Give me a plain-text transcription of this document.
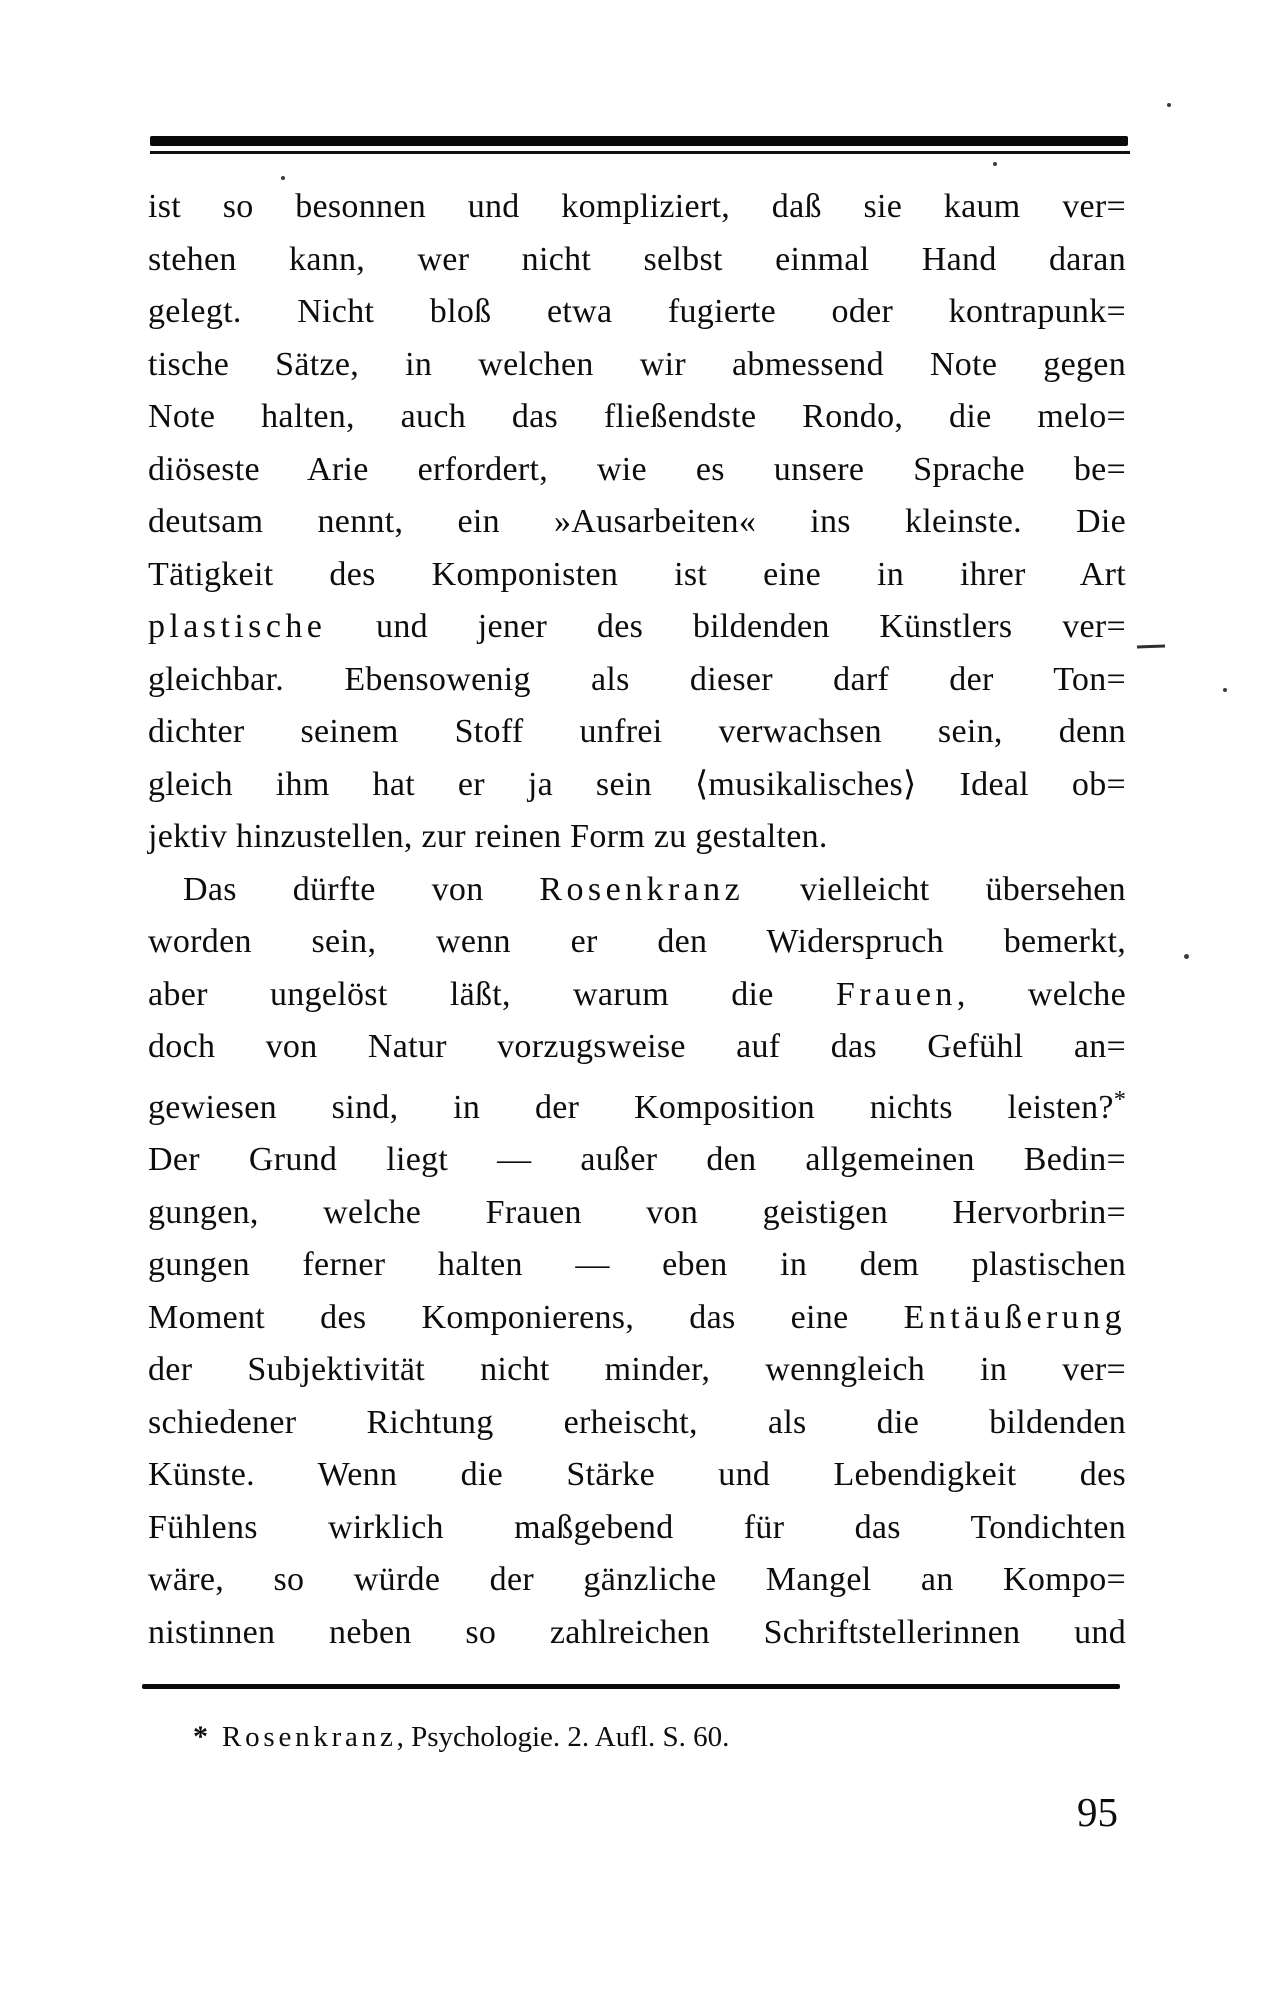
ist so besonnen und kompliziert, daß sie kaum ver=
stehen kann, wer nicht selbst einmal Hand daran
gelegt. Nicht bloß etwa fugierte oder kontrapunk=
tische Sätze, in welchen wir abmessend Note gegen
Note halten, auch das fließendste Rondo, die melo=
diöseste Arie erfordert, wie es unsere Sprache be=
deutsam nennt, ein »Ausarbeiten« ins kleinste. Die
Tätigkeit des Komponisten ist eine in ihrer Art
plastische und jener des bildenden Künstlers ver=
gleichbar. Ebensowenig als dieser darf der Ton=
dichter seinem Stoff unfrei verwachsen sein, denn
gleich ihm hat er ja sein ⟨musikalisches⟩ Ideal ob=
jektiv hinzustellen, zur reinen Form zu gestalten.
Das dürfte von Rosenkranz vielleicht übersehen
worden sein, wenn er den Widerspruch bemerkt,
aber ungelöst läßt, warum die Frauen, welche
doch von Natur vorzugsweise auf das Gefühl an=
gewiesen sind, in der Komposition nichts leisten?*
Der Grund liegt — außer den allgemeinen Bedin=
gungen, welche Frauen von geistigen Hervorbrin=
gungen ferner halten — eben in dem plastischen
Moment des Komponierens, das eine Entäußerung
der Subjektivität nicht minder, wenngleich in ver=
schiedener Richtung erheischt, als die bildenden
Künste. Wenn die Stärke und Lebendigkeit des
Fühlens wirklich maßgebend für das Tondichten
wäre, so würde der gänzliche Mangel an Kompo=
nistinnen neben so zahlreichen Schriftstellerinnen und
* Rosenkranz, Psychologie. 2. Aufl. S. 60.
95
